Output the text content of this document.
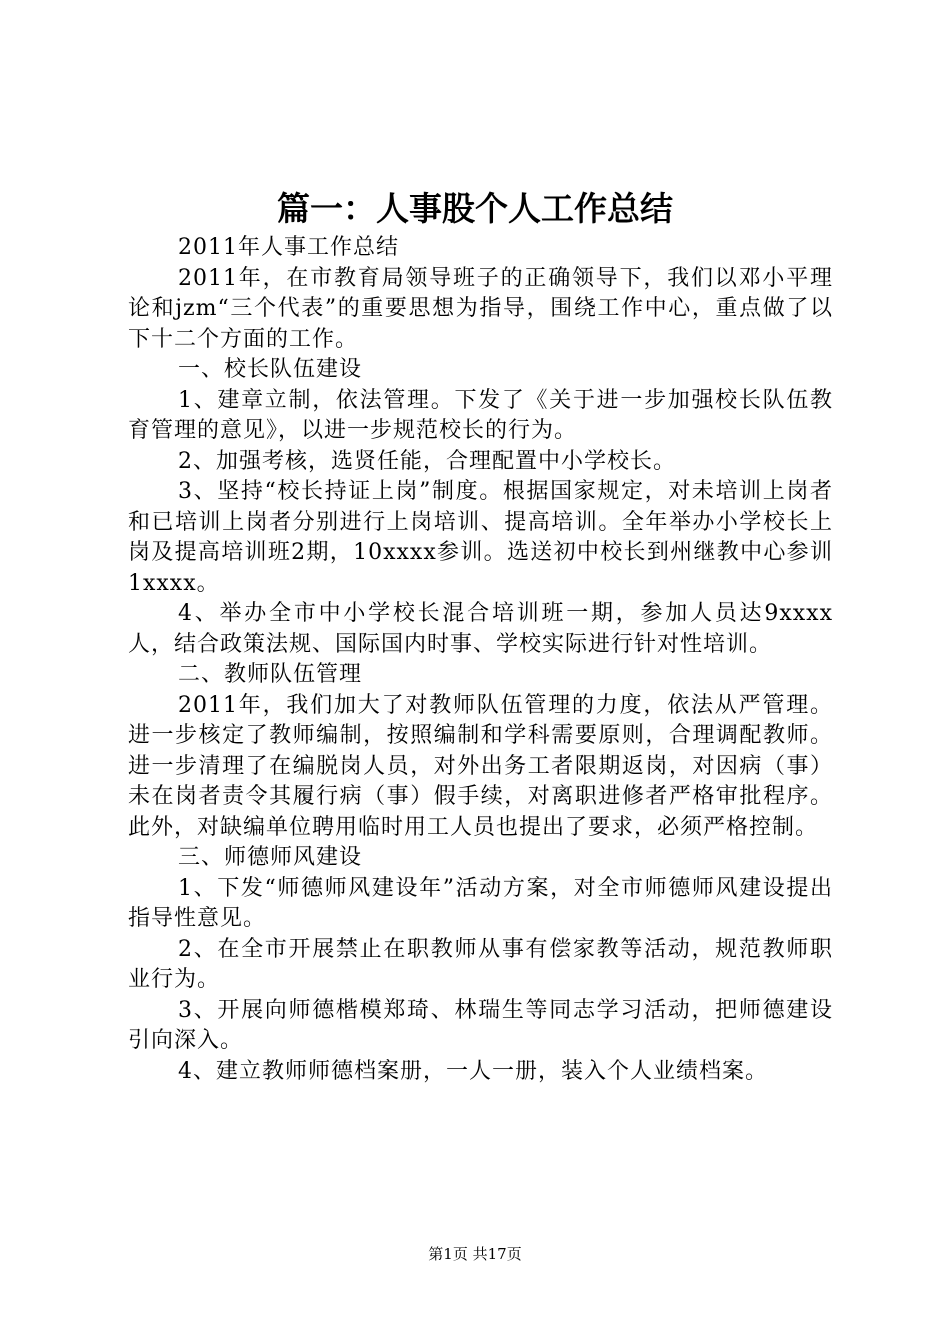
篇一：人事股个人工作总结

2011年人事工作总结

2011年，在市教育局领导班子的正确领导下，我们以邓小平理论和jzm“三个代表”的重要思想为指导，围绕工作中心，重点做了以下十二个方面的工作。

一、校长队伍建设

1、建章立制，依法管理。下发了《关于进一步加强校长队伍教育管理的意见》，以进一步规范校长的行为。

2、加强考核，选贤任能，合理配置中小学校长。

3、坚持“校长持证上岗”制度。根据国家规定，对未培训上岗者和已培训上岗者分别进行上岗培训、提高培训。全年举办小学校长上岗及提高培训班2期，10xxxx参训。选送初中校长到州继教中心参训1xxxx。

4、举办全市中小学校长混合培训班一期，参加人员达9xxxx人，结合政策法规、国际国内时事、学校实际进行针对性培训。

二、教师队伍管理

2011年，我们加大了对教师队伍管理的力度，依法从严管理。进一步核定了教师编制，按照编制和学科需要原则，合理调配教师。进一步清理了在编脱岗人员，对外出务工者限期返岗，对因病（事）未在岗者责令其履行病（事）假手续，对离职进修者严格审批程序。此外，对缺编单位聘用临时用工人员也提出了要求，必须严格控制。

三、师德师风建设

1、下发“师德师风建设年”活动方案，对全市师德师风建设提出指导性意见。

2、在全市开展禁止在职教师从事有偿家教等活动，规范教师职业行为。

3、开展向师德楷模郑琦、林瑞生等同志学习活动，把师德建设引向深入。

4、建立教师师德档案册，一人一册，装入个人业绩档案。

第1页 共17页
